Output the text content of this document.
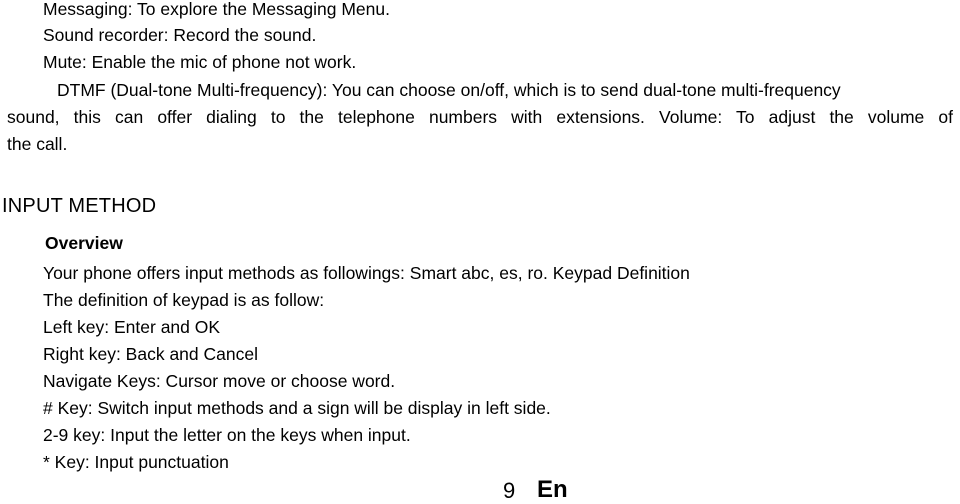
Messaging: To explore the Messaging Menu.
Sound recorder: Record the sound.
Mute: Enable the mic of phone not work.
DTMF (Dual-tone Multi-frequency): You can choose on/off, which is to send dual-tone multi-frequency
sound, this can offer dialing to the telephone numbers with extensions. Volume: To adjust the volume of
the call.
INPUT METHOD
Overview
Your phone offers input methods as followings: Smart abc, es, ro. Keypad Definition
The definition of keypad is as follow:
Left key: Enter and OK
Right key: Back and Cancel
Navigate Keys: Cursor move or choose word.
# Key: Switch input methods and a sign will be display in left side.
2-9 key: Input the letter on the keys when input.
* Key: Input punctuation
9 En
